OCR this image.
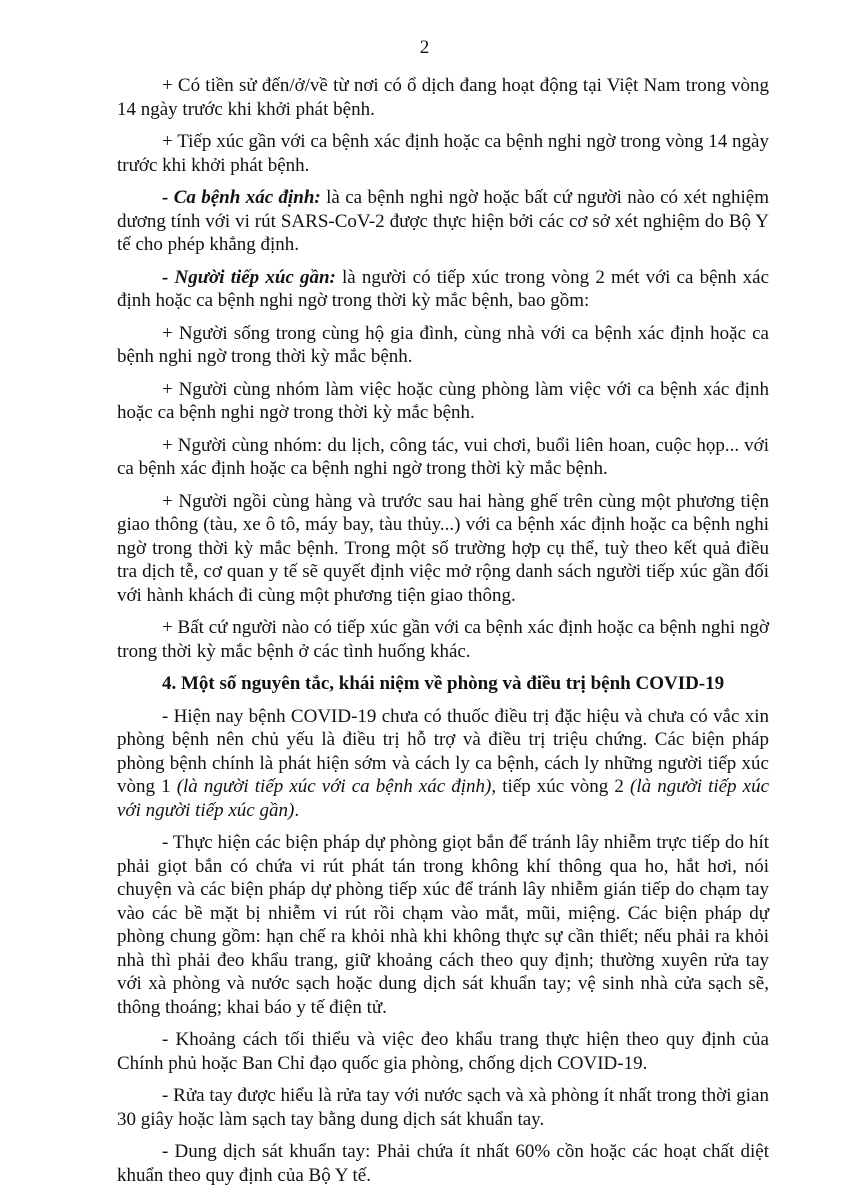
2

+ Có tiền sử đến/ở/về từ nơi có ổ dịch đang hoạt động tại Việt Nam trong vòng 14 ngày trước khi khởi phát bệnh.

+ Tiếp xúc gần với ca bệnh xác định hoặc ca bệnh nghi ngờ trong vòng 14 ngày trước khi khởi phát bệnh.

- Ca bệnh xác định: là ca bệnh nghi ngờ hoặc bất cứ người nào có xét nghiệm dương tính với vi rút SARS-CoV-2 được thực hiện bởi các cơ sở xét nghiệm do Bộ Y tế cho phép khẳng định.

- Người tiếp xúc gần: là người có tiếp xúc trong vòng 2 mét với ca bệnh xác định hoặc ca bệnh nghi ngờ trong thời kỳ mắc bệnh, bao gồm:

+ Người sống trong cùng hộ gia đình, cùng nhà với ca bệnh xác định hoặc ca bệnh nghi ngờ trong thời kỳ mắc bệnh.

+ Người cùng nhóm làm việc hoặc cùng phòng làm việc với ca bệnh xác định hoặc ca bệnh nghi ngờ trong thời kỳ mắc bệnh.

+ Người cùng nhóm: du lịch, công tác, vui chơi, buổi liên hoan, cuộc họp... với ca bệnh xác định hoặc ca bệnh nghi ngờ trong thời kỳ mắc bệnh.

+ Người ngồi cùng hàng và trước sau hai hàng ghế trên cùng một phương tiện giao thông (tàu, xe ô tô, máy bay, tàu thủy...) với ca bệnh xác định hoặc ca bệnh nghi ngờ trong thời kỳ mắc bệnh. Trong một số trường hợp cụ thể, tuỳ theo kết quả điều tra dịch tễ, cơ quan y tế sẽ quyết định việc mở rộng danh sách người tiếp xúc gần đối với hành khách đi cùng một phương tiện giao thông.

+ Bất cứ người nào có tiếp xúc gần với ca bệnh xác định hoặc ca bệnh nghi ngờ trong thời kỳ mắc bệnh ở các tình huống khác.

4. Một số nguyên tắc, khái niệm về phòng và điều trị bệnh COVID-19

- Hiện nay bệnh COVID-19 chưa có thuốc điều trị đặc hiệu và chưa có vắc xin phòng bệnh nên chủ yếu là điều trị hỗ trợ và điều trị triệu chứng. Các biện pháp phòng bệnh chính là phát hiện sớm và cách ly ca bệnh, cách ly những người tiếp xúc vòng 1 (là người tiếp xúc với ca bệnh xác định), tiếp xúc vòng 2 (là người tiếp xúc với người tiếp xúc gần).

- Thực hiện các biện pháp dự phòng giọt bắn để tránh lây nhiễm trực tiếp do hít phải giọt bắn có chứa vi rút phát tán trong không khí thông qua ho, hắt hơi, nói chuyện và các biện pháp dự phòng tiếp xúc để tránh lây nhiễm gián tiếp do chạm tay vào các bề mặt bị nhiễm vi rút rồi chạm vào mắt, mũi, miệng. Các biện pháp dự phòng chung gồm: hạn chế ra khỏi nhà khi không thực sự cần thiết; nếu phải ra khỏi nhà thì phải đeo khẩu trang, giữ khoảng cách theo quy định; thường xuyên rửa tay với xà phòng và nước sạch hoặc dung dịch sát khuẩn tay; vệ sinh nhà cửa sạch sẽ, thông thoáng; khai báo y tế điện tử.

- Khoảng cách tối thiểu và việc đeo khẩu trang thực hiện theo quy định của Chính phủ hoặc Ban Chỉ đạo quốc gia phòng, chống dịch COVID-19.

- Rửa tay được hiểu là rửa tay với nước sạch và xà phòng ít nhất trong thời gian 30 giây hoặc làm sạch tay bằng dung dịch sát khuẩn tay.

- Dung dịch sát khuẩn tay: Phải chứa ít nhất 60% cồn hoặc các hoạt chất diệt khuẩn theo quy định của Bộ Y tế.
